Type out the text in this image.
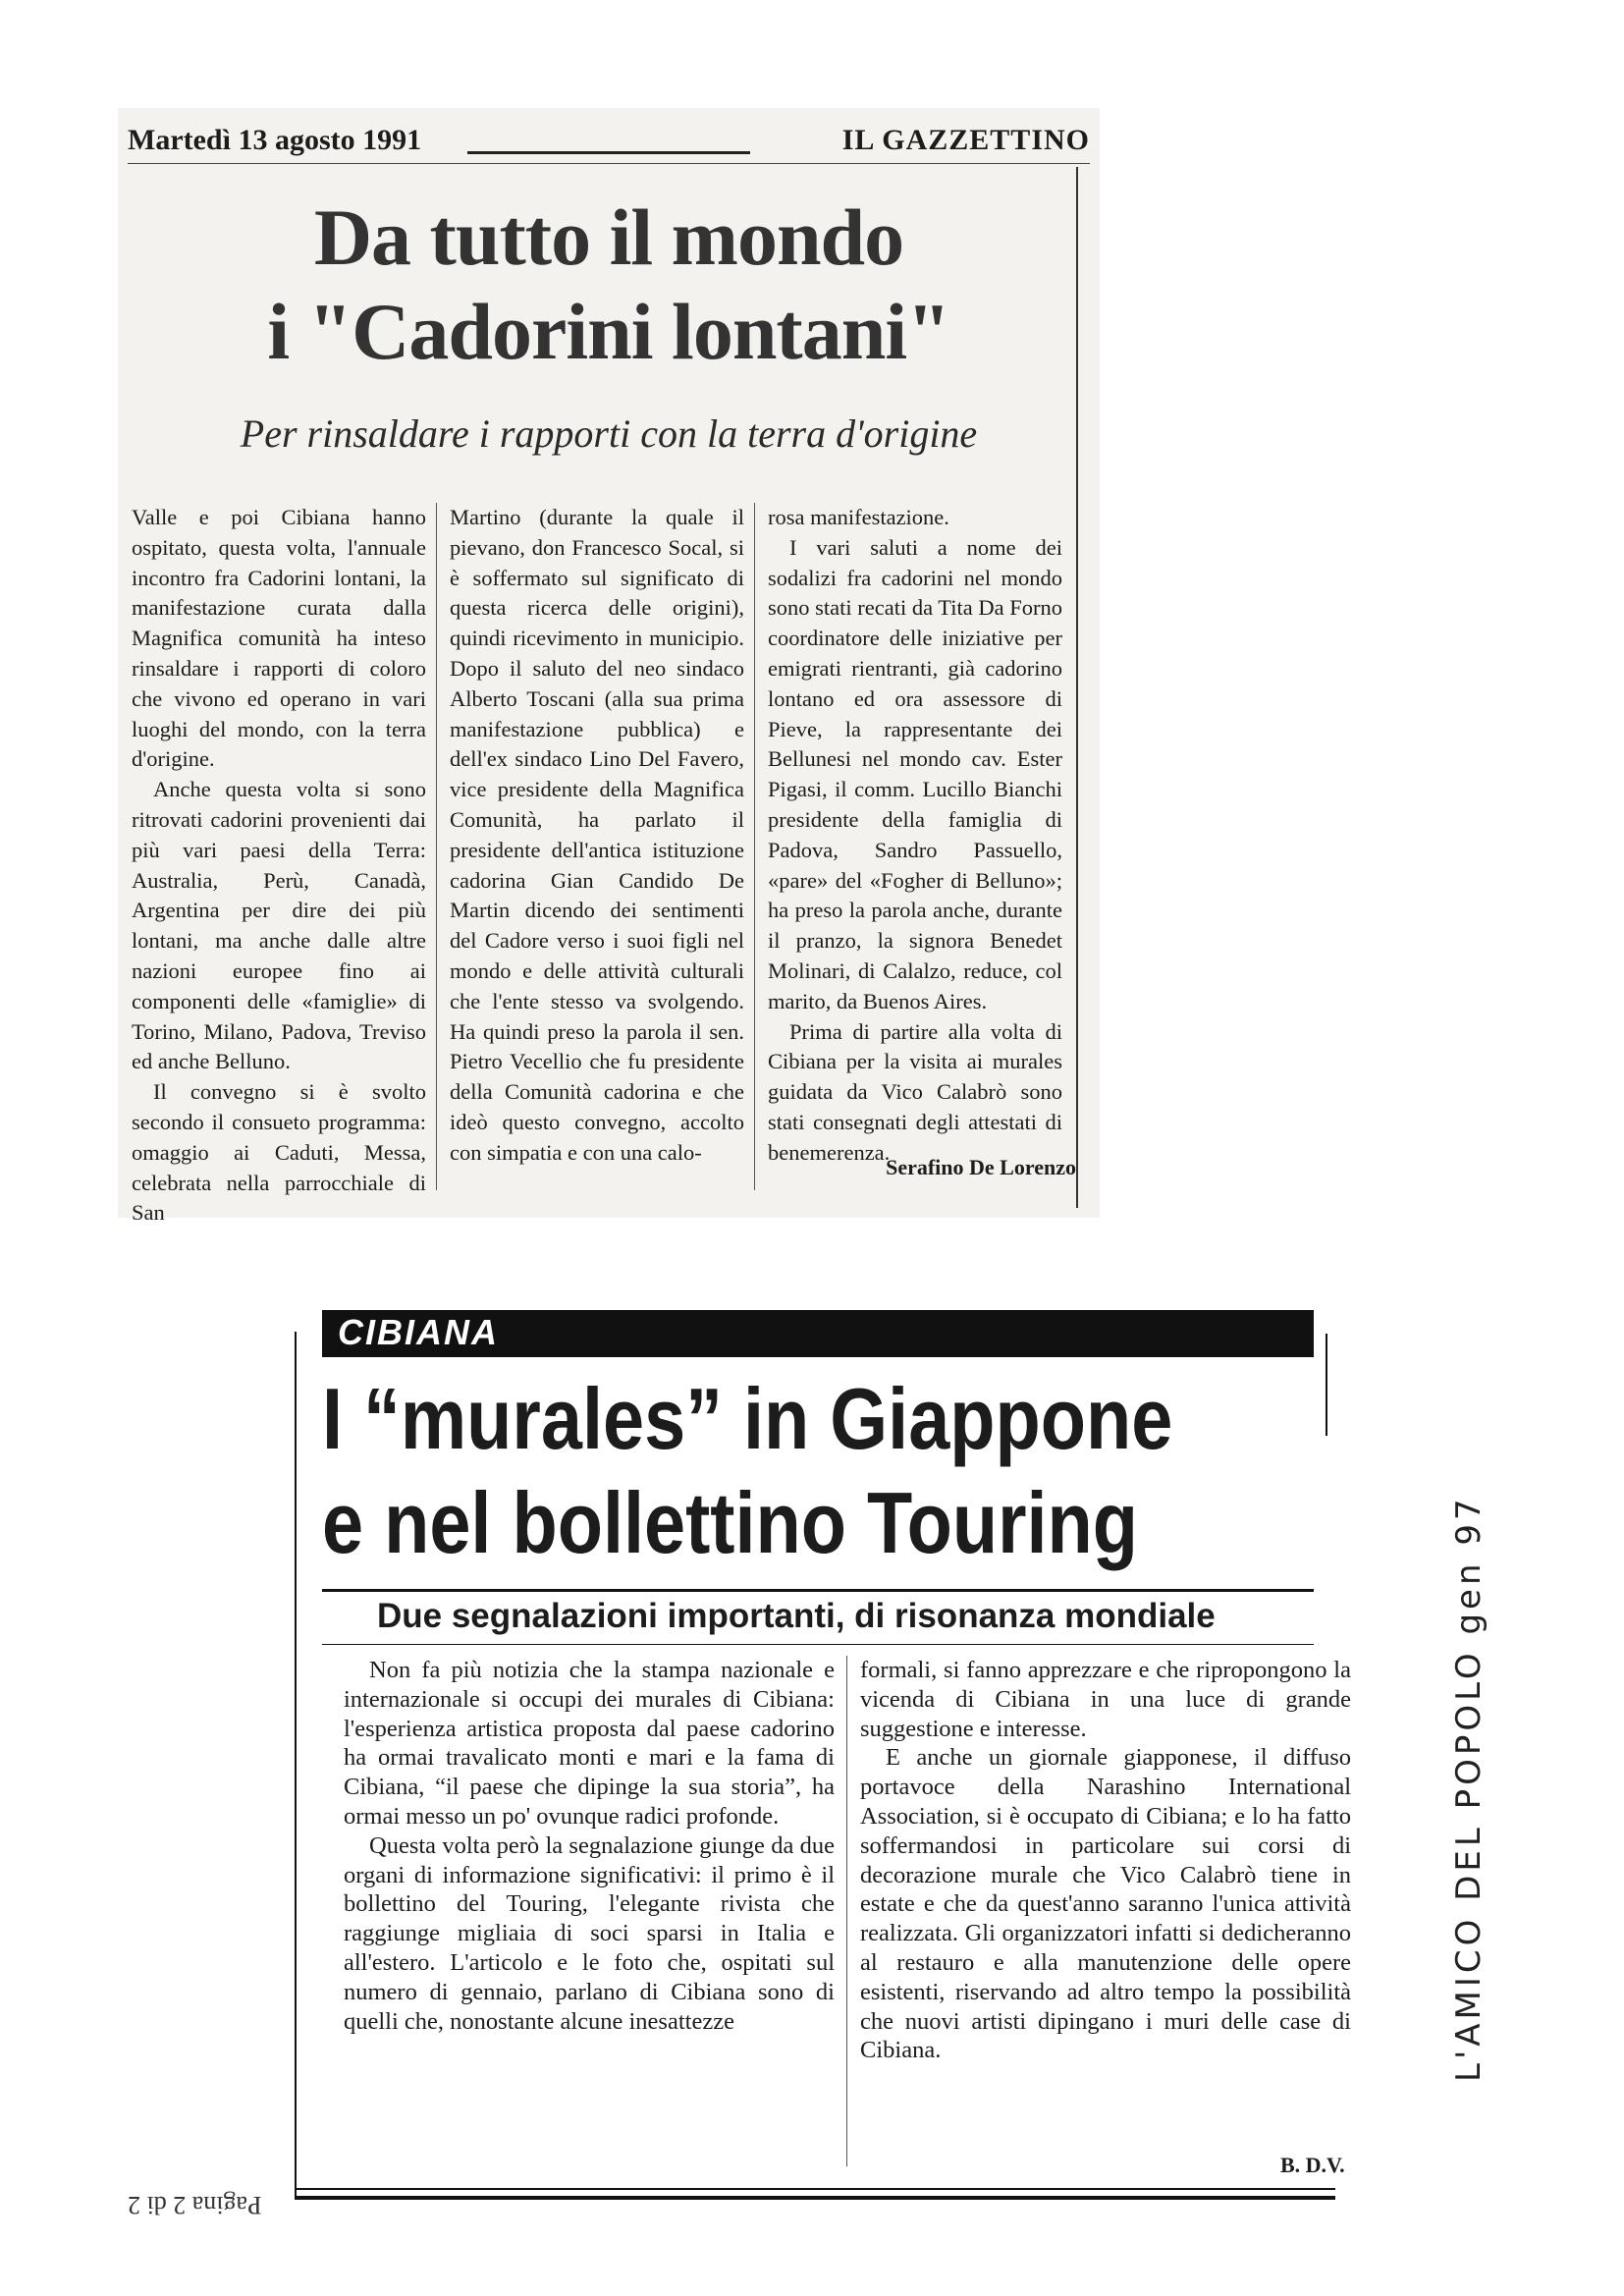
Martedì 13 agosto 1991	IL GAZZETTINO
Da tutto il mondo
i "Cadorini lontani"
Per rinsaldare i rapporti con la terra d'origine

Valle e poi Cibiana hanno ospitato, questa volta, l'annuale incontro fra Cadorini lontani, la manifestazione curata dalla Magnifica comunità ha inteso rinsaldare i rapporti di coloro che vivono ed operano in vari luoghi del mondo, con la terra d'origine.

Anche questa volta si sono ritrovati cadorini provenienti dai più vari paesi della Terra: Australia, Perù, Canadà, Argentina per dire dei più lontani, ma anche dalle altre nazioni europee fino ai componenti delle «famiglie» di Torino, Milano, Padova, Treviso ed anche Belluno.

Il convegno si è svolto secondo il consueto programma: omaggio ai Caduti, Messa, celebrata nella parrocchiale di San

Martino (durante la quale il pievano, don Francesco Socal, si è soffermato sul significato di questa ricerca delle origini), quindi ricevimento in municipio. Dopo il saluto del neo sindaco Alberto Toscani (alla sua prima manifestazione pubblica) e dell'ex sindaco Lino Del Favero, vice presidente della Magnifica Comunità, ha parlato il presidente dell'antica istituzione cadorina Gian Candido De Martin dicendo dei sentimenti del Cadore verso i suoi figli nel mondo e delle attività culturali che l'ente stesso va svolgendo. Ha quindi preso la parola il sen. Pietro Vecellio che fu presidente della Comunità cadorina e che ideò questo convegno, accolto con simpatia e con una calo-

rosa manifestazione.

I vari saluti a nome dei sodalizi fra cadorini nel mondo sono stati recati da Tita Da Forno coordinatore delle iniziative per emigrati rientranti, già cadorino lontano ed ora assessore di Pieve, la rappresentante dei Bellunesi nel mondo cav. Ester Pigasi, il comm. Lucillo Bianchi presidente della famiglia di Padova, Sandro Passuello, «pare» del «Fogher di Belluno»; ha preso la parola anche, durante il pranzo, la signora Benedet Molinari, di Calalzo, reduce, col marito, da Buenos Aires.

Prima di partire alla volta di Cibiana per la visita ai murales guidata da Vico Calabrò sono stati consegnati degli attestati di benemerenza.

Serafino De Lorenzo
CIBIANA
I “murales” in Giappone
e nel bollettino Touring
Due segnalazioni importanti, di risonanza mondiale

Non fa più notizia che la stampa nazionale e internazionale si occupi dei murales di Cibiana: l'esperienza artistica proposta dal paese cadorino ha ormai travalicato monti e mari e la fama di Cibiana, “il paese che dipinge la sua storia”, ha ormai messo un po' ovunque radici profonde.

Questa volta però la segnalazione giunge da due organi di informazione significativi: il primo è il bollettino del Touring, l'elegante rivista che raggiunge migliaia di soci sparsi in Italia e all'estero. L'articolo e le foto che, ospitati sul numero di gennaio, parlano di Cibiana sono di quelli che, nonostante alcune inesattezze

formali, si fanno apprezzare e che ripropongono la vicenda di Cibiana in una luce di grande suggestione e interesse.

E anche un giornale giapponese, il diffuso portavoce della Narashino International Association, si è occupato di Cibiana; e lo ha fatto soffermandosi in particolare sui corsi di decorazione murale che Vico Calabrò tiene in estate e che da quest'anno saranno l'unica attività realizzata. Gli organizzatori infatti si dedicheranno al restauro e alla manutenzione delle opere esistenti, riservando ad altro tempo la possibilità che nuovi artisti dipingano i muri delle case di Cibiana.

B. D.V.
L'AMICO DEL POPOLO gen 97
Pagina 2 di 2
